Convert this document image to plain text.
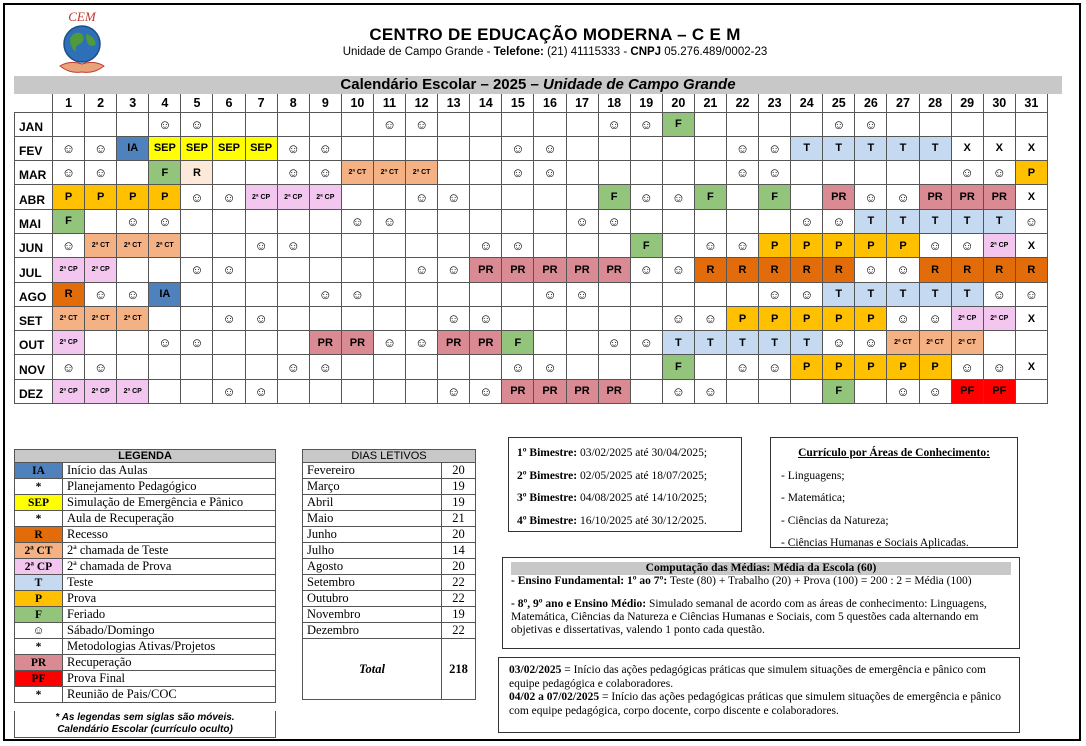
CEM
CENTRO DE EDUCAÇÃO MODERNA – C E M
Unidade de Campo Grande - Telefone: (21) 41115333 - CNPJ 05.276.489/0002-23
Calendário Escolar – 2025 – Unidade de Campo Grande
	1	2	3	4	5	6	7	8	9	10	11	12	13	14	15	16	17	18	19	20	21	22	23	24	25	26	27	28	29	30	31
JAN				☺	☺						☺	☺						☺	☺	F					☺	☺					
FEV	☺	☺	IA	SEP	SEP	SEP	SEP	☺	☺						☺	☺						☺	☺	T	T	T	T	T	X	X	X
MAR	☺	☺		F	R			☺	☺	2ª CT	2ª CT	2ª CT			☺	☺						☺	☺						☺	☺	P
ABR	P	P	P	P	☺	☺	2ª CP	2ª CP	2ª CP			☺	☺					F	☺	☺	F		F		PR	☺	☺	PR	PR	PR	X
MAI	F		☺	☺						☺	☺						☺	☺						☺	☺	T	T	T	T	T	☺
JUN	☺	2ª CT	2ª CT	2ª CT			☺	☺						☺	☺				F		☺	☺	P	P	P	P	P	☺	☺	2ª CP	X
JUL	2ª CP	2ª CP			☺	☺						☺	☺	PR	PR	PR	PR	PR	☺	☺	R	R	R	R	R	☺	☺	R	R	R	R
AGO	R	☺	☺	IA					☺	☺						☺	☺						☺	☺	T	T	T	T	T	☺	☺
SET	2ª CT	2ª CT	2ª CT			☺	☺						☺	☺						☺	☺	P	P	P	P	P	☺	☺	2ª CP	2ª CP	X
OUT	2ª CP			☺	☺				PR	PR	☺	☺	PR	PR	F			☺	☺	T	T	T	T	T	☺	☺	2ª CT	2ª CT	2ª CT		
NOV	☺	☺						☺	☺						☺	☺				F		☺	☺	P	P	P	P	P	☺	☺	X
DEZ	2ª CP	2ª CP	2ª CP			☺	☺						☺	☺	PR	PR	PR	PR		☺	☺				F		☺	☺	PF	PF	
LEGENDA	
IA	Início das Aulas
*	Planejamento Pedagógico
SEP	Simulação de Emergência e Pânico
*	Aula de Recuperação
R	Recesso
2ª CT	2ª chamada de Teste
2ª CP	2ª chamada de Prova
T	Teste
P	Prova
F	Feriado
☺	Sábado/Domingo
*	Metodologias Ativas/Projetos
PR	Recuperação
PF	Prova Final
*	Reunião de Pais/COC
* As legendas sem siglas são móveis.
Calendário Escolar (currículo oculto)
DIAS LETIVOS	
Fevereiro	20
Março	19
Abril	19
Maio	21
Junho	20
Julho	14
Agosto	20
Setembro	22
Outubro	22
Novembro	19
Dezembro	22
Total	218
1º Bimestre: 03/02/2025 até 30/04/2025;
2º Bimestre: 02/05/2025 até 18/07/2025;
3º Bimestre: 04/08/2025 até 14/10/2025;
4º Bimestre: 16/10/2025 até 30/12/2025.
Currículo por Áreas de Conhecimento:
- Linguagens;
- Matemática;
- Ciências da Natureza;
- Ciências Humanas e Sociais Aplicadas.
Computação das Médias: Média da Escola (60)
- Ensino Fundamental: 1º ao 7º: Teste (80) + Trabalho (20) + Prova (100) = 200 : 2 = Média (100)
- 8º, 9º ano e Ensino Médio: Simulado semanal de acordo com as áreas de conhecimento: Linguagens, Matemática, Ciências da Natureza e Ciências Humanas e Sociais, com 5 questões cada alternando em objetivas e dissertativas, valendo 1 ponto cada questão.
03/02/2025 = Início das ações pedagógicas práticas que simulem situações de emergência e pânico com equipe pedagógica e colaboradores.
04/02 a 07/02/2025 = Início das ações pedagógicas práticas que simulem situações de emergência e pânico com equipe pedagógica, corpo docente, corpo discente e colaboradores.
